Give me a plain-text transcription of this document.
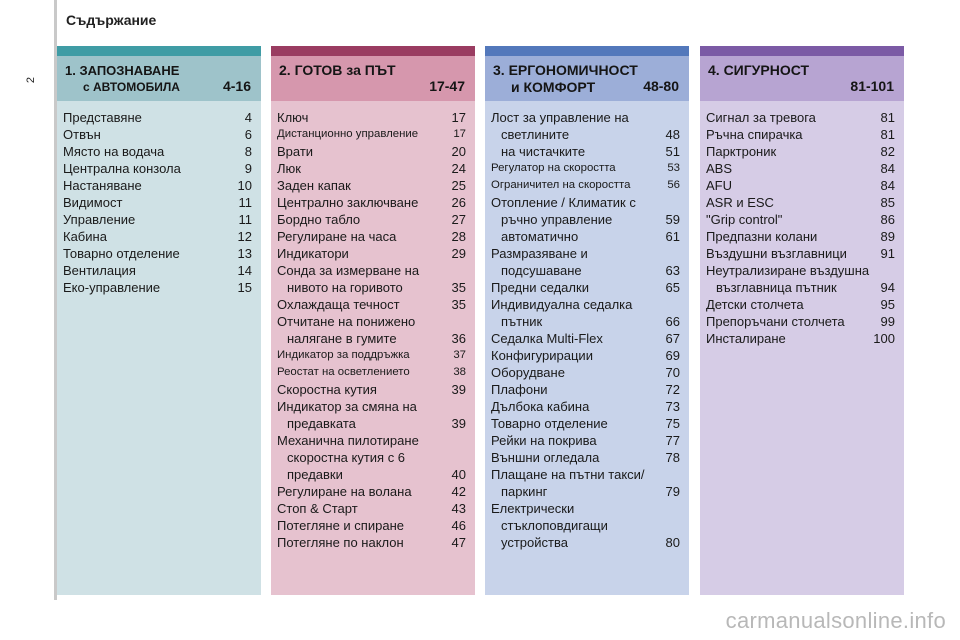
Съдържание
2
1. ЗАПОЗНАВАНЕ
с АВТОМОБИЛА	4-16
Представяне	4
Отвън	6
Място на водача	8
Централна конзола	9
Настаняване	10
Видимост	11
Управление	11
Кабина	12
Товарно отделение	13
Вентилация	14
Еко-управление	15
2. ГОТОВ за ПЪТ
17-47
Ключ	17
Дистанционно управление	17
Врати	20
Люк	24
Заден капак	25
Централно заключване	26
Бордно табло	27
Регулиране на часа	28
Индикатори	29
Сонда за измерване на
нивото на горивото	35
Охлаждаща течност	35
Отчитане на понижено
налягане в гумите	36
Индикатор за поддръжка	37
Реостат на осветлението	38
Скоростна кутия	39
Индикатор за смяна на
предавката	39
Механична пилотиране
скоростна кутия с 6
предавки	40
Регулиране на волана	42
Стоп & Старт	43
Потегляне и спиране	46
Потегляне по наклон	47
3. ЕРГОНОМИЧНОСТ
и КОМФОРТ	48-80
Лост за управление на
светлините	48
на чистачките	51
Регулатор на скоростта	53
Ограничител на скоростта	56
Отопление / Климатик с
ръчно управление	59
автоматично	61
Размразяване и
подсушаване	63
Предни седалки	65
Индивидуална седалка
пътник	66
Седалка Multi-Flex	67
Конфигурирации	69
Оборудване	70
Плафони	72
Дълбока кабина	73
Товарно отделение	75
Рейки на покрива	77
Външни огледала	78
Плащане на пътни такси/
паркинг	79
Електрически
стъклоповдигащи
устройства	80
4. СИГУРНОСТ
81-101
Сигнал за тревога	81
Ръчна спирачка	81
Парктроник	82
ABS	84
AFU	84
ASR и ESC	85
"Grip control"	86
Предпазни колани	89
Въздушни възглавници	91
Неутрализиране въздушна
възглавница пътник	94
Детски столчета	95
Препоръчани столчета	99
Инсталиране	100
carmanualsonline.info
